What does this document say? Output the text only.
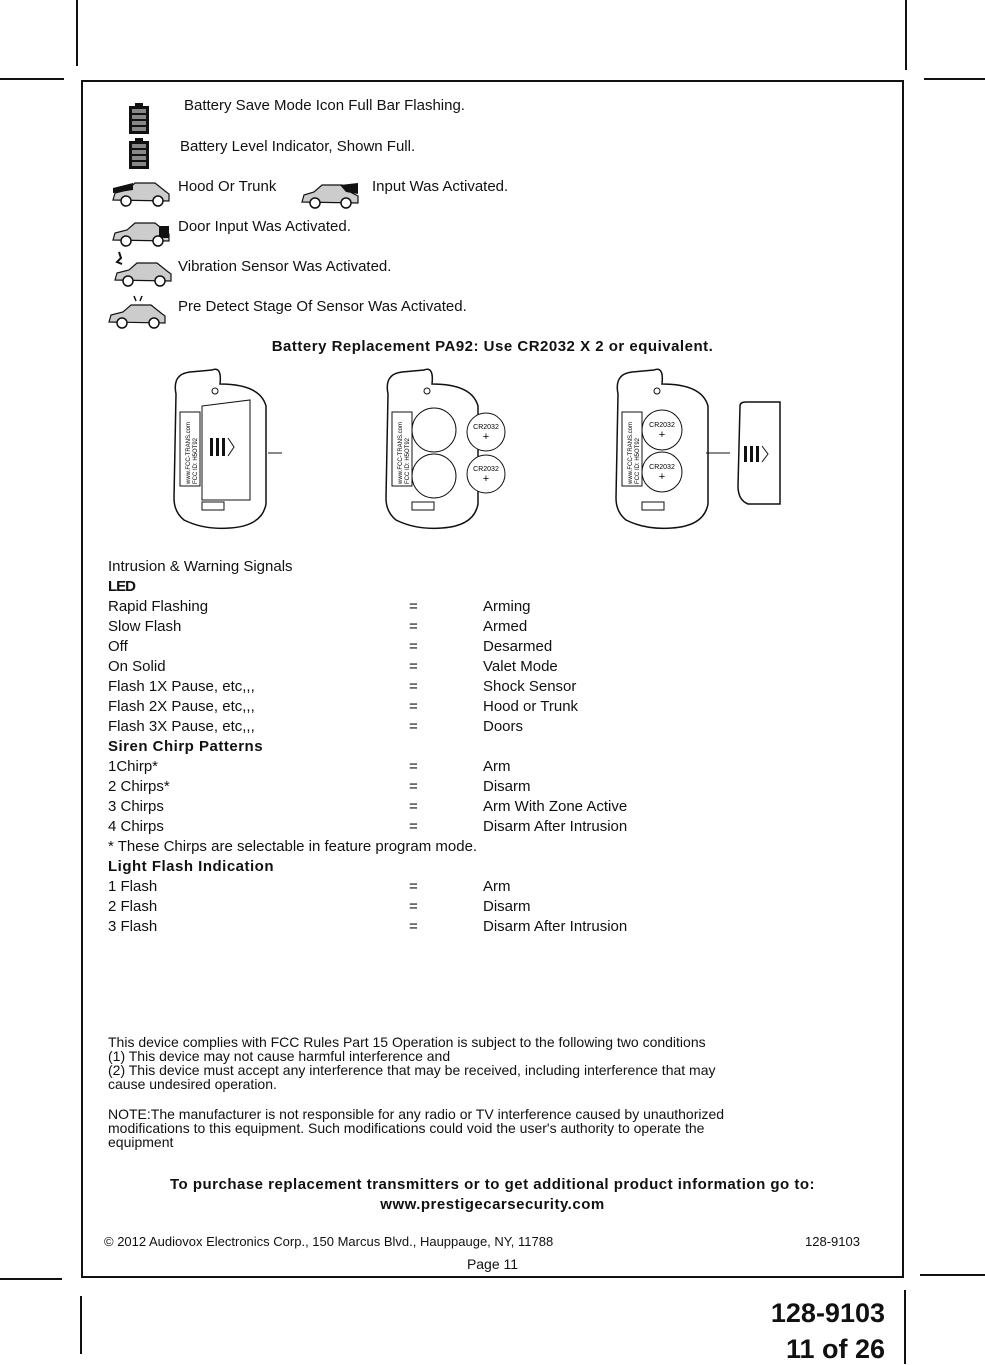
Battery Save Mode Icon Full Bar Flashing.
Battery Level Indicator, Shown Full.
Hood Or Trunk	Input Was Activated.
Door Input Was Activated.
Vibration Sensor Was Activated.
Pre Detect Stage Of Sensor Was Activated.
Battery Replacement PA92: Use CR2032 X 2 or equivalent.
www.FCC-TRANS.com FCC ID: H5OT92	www.FCC-TRANS.com FCC ID: H5OT92
CR2032
+
CR2032
+	www.FCC-TRANS.com FCC ID: H5OT92
CR2032
+
CR2032
+
Intrusion & Warning Signals
LED
Rapid Flashing	=	Arming
Slow Flash	=	Armed
Off	=	Desarmed
On Solid	=	Valet Mode
Flash 1X Pause, etc,,,	=	Shock Sensor
Flash 2X Pause, etc,,,	=	Hood or Trunk
Flash 3X Pause, etc,,,	=	Doors
Siren Chirp Patterns
1Chirp*	=	Arm
2 Chirps*	=	Disarm
3 Chirps	=	Arm With Zone Active
4 Chirps	=	Disarm After Intrusion
* These Chirps are selectable in feature program mode.
Light Flash Indication
1 Flash	=	Arm
2 Flash	=	Disarm
3 Flash	=	Disarm After Intrusion
This device complies with FCC Rules Part 15 Operation is subject to the following two conditions
(1) This device may not cause harmful interference and
(2) This device must accept any interference that may be received, including interference that may
cause undesired operation.
NOTE:The manufacturer is not responsible for any radio or TV interference caused by unauthorized
modifications to this equipment. Such modifications could void the user's authority to operate the
equipment
To purchase replacement transmitters or to get additional product information go to:
www.prestigecarsecurity.com
© 2012 Audiovox Electronics Corp., 150 Marcus Blvd., Hauppauge, NY, 11788	128-9103
Page 11
128-9103
11 of 26
